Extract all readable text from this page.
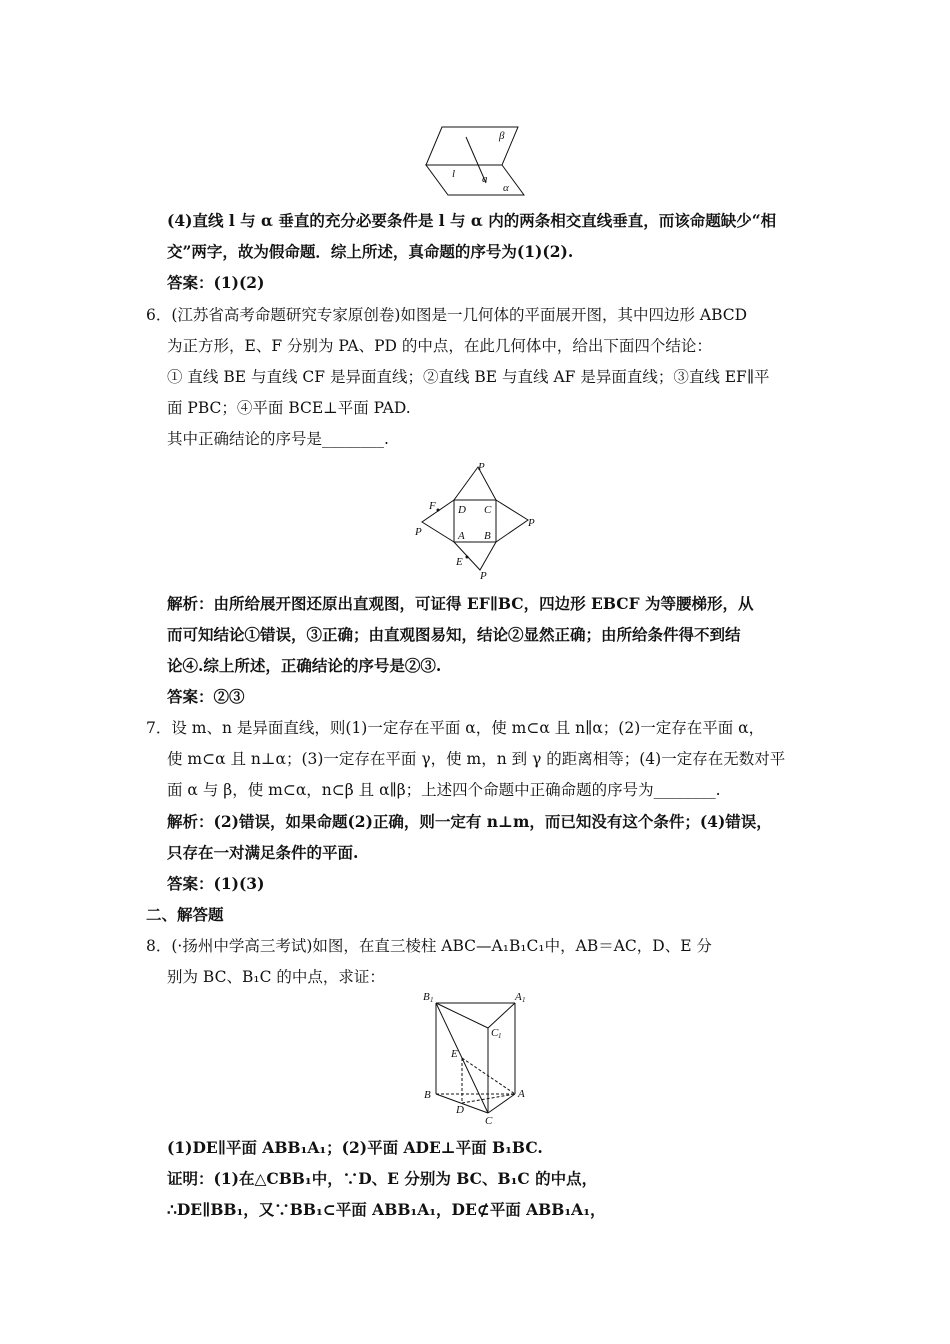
β
l a
α
(4)直线 l 与 α 垂直的充分必要条件是 l 与 α 内的两条相交直线垂直，而该命题缺少“相
交”两字，故为假命题．综上所述，真命题的序号为(1)(2).
答案：(1)(2)
6．(江苏省高考命题研究专家原创卷)如图是一几何体的平面展开图，其中四边形 ABCD
为正方形，E、F 分别为 PA、PD 的中点，在此几何体中，给出下面四个结论：
① 直线 BE 与直线 CF 是异面直线；②直线 BE 与直线 AF 是异面直线；③直线 EF∥平
面 PBC；④平面 BCE⊥平面 PAD.
其中正确结论的序号是________.
P
F D C
P
P
A B
E
P
解析：由所给展开图还原出直观图，可证得 EF∥BC，四边形 EBCF 为等腰梯形，从
而可知结论①错误，③正确；由直观图易知，结论②显然正确；由所给条件得不到结
论④.综上所述，正确结论的序号是②③.
答案：②③
7．设 m、n 是异面直线，则(1)一定存在平面 α，使 m⊂α 且 n∥α；(2)一定存在平面 α，
使 m⊂α 且 n⊥α；(3)一定存在平面 γ，使 m，n 到 γ 的距离相等；(4)一定存在无数对平
面 α 与 β，使 m⊂α，n⊂β 且 α∥β；上述四个命题中正确命题的序号为________.
解析：(2)错误，如果命题(2)正确，则一定有 n⊥m，而已知没有这个条件；(4)错误，
只存在一对满足条件的平面.
答案：(1)(3)
二、解答题
8．(·扬州中学高三考试)如图，在直三棱柱 ABC—A₁B₁C₁中，AB＝AC，D、E 分
别为 BC、B₁C 的中点，求证：
B 1	A 1
C 1
E
B	A
D
C
(1)DE∥平面 ABB₁A₁；(2)平面 ADE⊥平面 B₁BC.
证明：(1)在△CBB₁中，∵D、E 分别为 BC、B₁C 的中点，
∴DE∥BB₁，又∵BB₁⊂平面 ABB₁A₁，DE⊄平面 ABB₁A₁，
